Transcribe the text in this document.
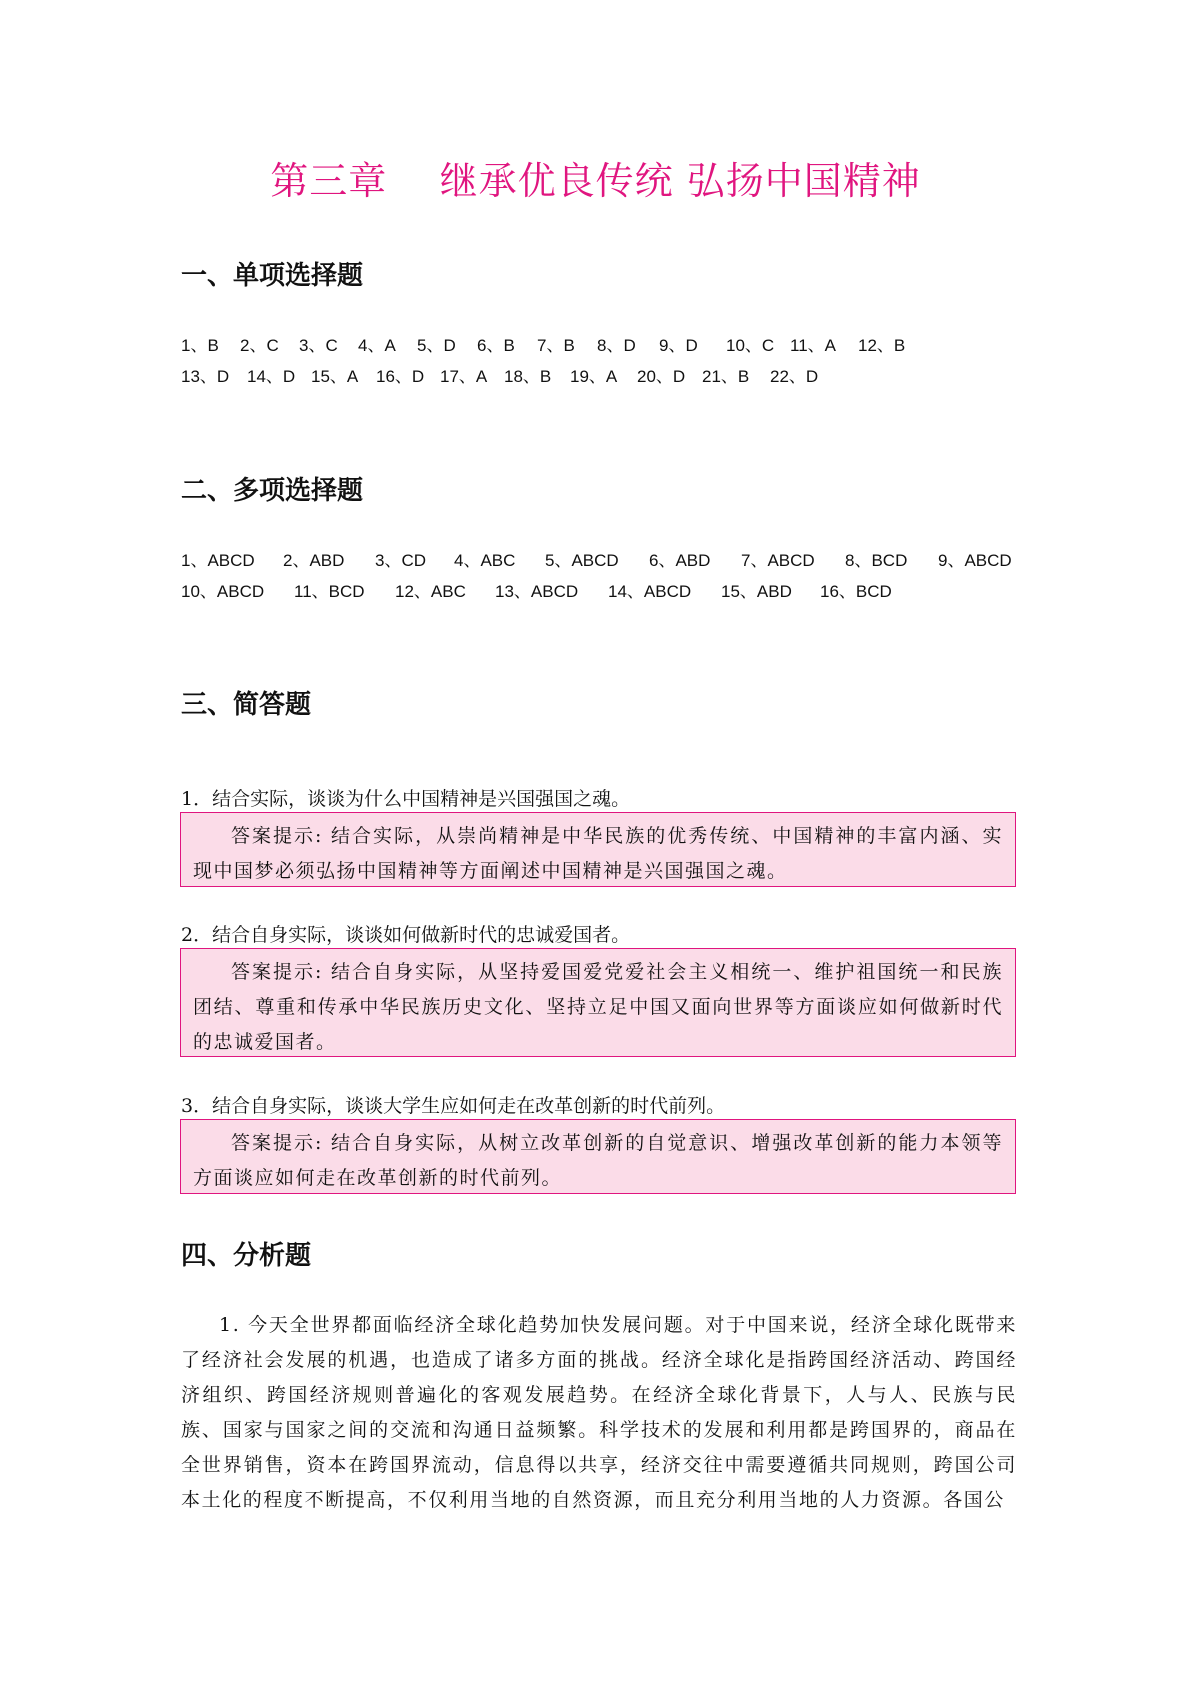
第三章    继承优良传统 弘扬中国精神
一、单项选择题
1、B	2、C	3、C	4、A	5、D	6、B	7、B	8、D	9、D	10、C 11、A	12、B
13、D	14、D 15、A	16、D 17、A 18、B	19、A	20、D 21、B	22、D
二、多项选择题
1、ABCD	2、ABD	3、CD	4、ABC	5、ABCD	6、ABD	7、ABCD	8、BCD	9、ABCD
10、ABCD	11、BCD	12、ABC	13、ABCD	14、ABCD	15、ABD	16、BCD
三、简答题
1．结合实际，谈谈为什么中国精神是兴国强国之魂。
答案提示: 结合实际，从崇尚精神是中华民族的优秀传统、中国精神的丰富内涵、实现中国梦必须弘扬中国精神等方面阐述中国精神是兴国强国之魂。
2．结合自身实际，谈谈如何做新时代的忠诚爱国者。
答案提示: 结合自身实际，从坚持爱国爱党爱社会主义相统一、维护祖国统一和民族团结、尊重和传承中华民族历史文化、坚持立足中国又面向世界等方面谈应如何做新时代的忠诚爱国者。
3．结合自身实际，谈谈大学生应如何走在改革创新的时代前列。
答案提示: 结合自身实际，从树立改革创新的自觉意识、增强改革创新的能力本领等方面谈应如何走在改革创新的时代前列。
四、分析题
1. 今天全世界都面临经济全球化趋势加快发展问题。对于中国来说，经济全球化既带来了经济社会发展的机遇，也造成了诸多方面的挑战。经济全球化是指跨国经济活动、跨国经济组织、跨国经济规则普遍化的客观发展趋势。在经济全球化背景下，人与人、民族与民族、国家与国家之间的交流和沟通日益频繁。科学技术的发展和利用都是跨国界的，商品在全世界销售，资本在跨国界流动，信息得以共享，经济交往中需要遵循共同规则，跨国公司本土化的程度不断提高，不仅利用当地的自然资源，而且充分利用当地的人力资源。各国公
